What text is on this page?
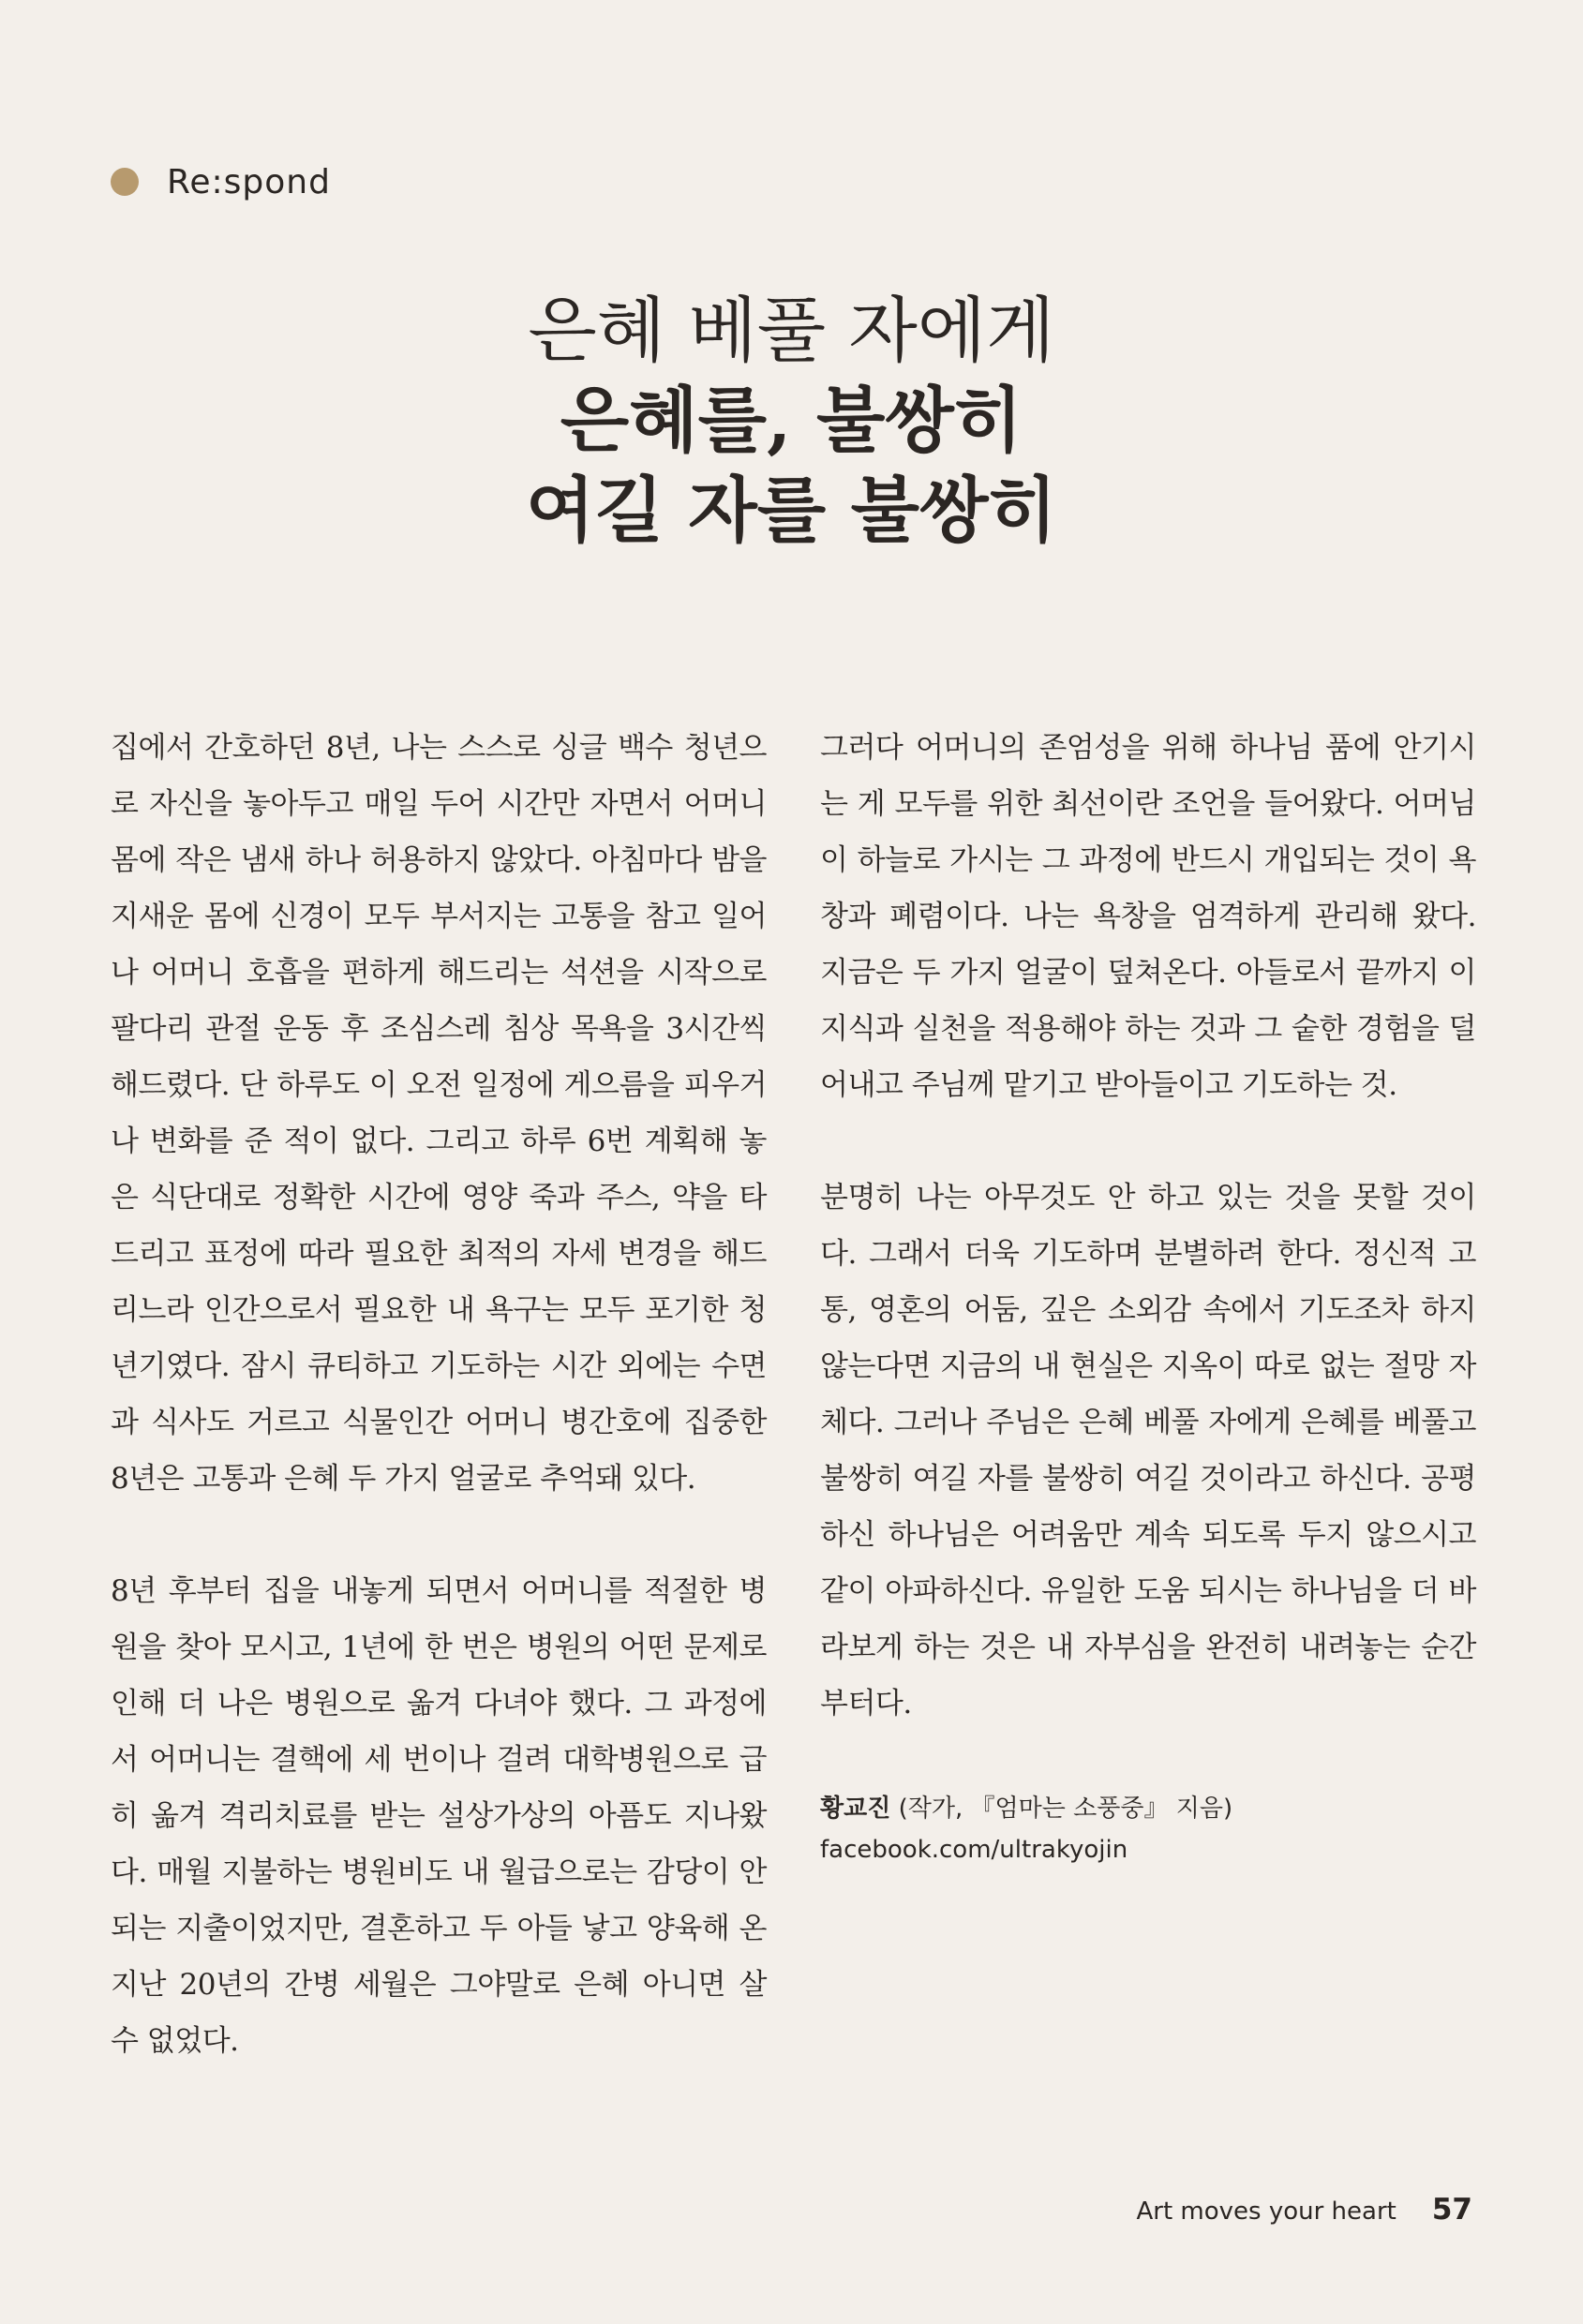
Re:spond
은혜 베풀 자에게
은혜를, 불쌍히
여길 자를 불쌍히

집에서 간호하던 8년, 나는 스스로 싱글 백수 청년으로 자신을 놓아두고 매일 두어 시간만 자면서 어머니 몸에 작은 냄새 하나 허용하지 않았다. 아침마다 밤을 지새운 몸에 신경이 모두 부서지는 고통을 참고 일어나 어머니 호흡을 편하게 해드리는 석션을 시작으로 팔다리 관절 운동 후 조심스레 침상 목욕을 3시간씩 해드렸다. 단 하루도 이 오전 일정에 게으름을 피우거나 변화를 준 적이 없다. 그리고 하루 6번 계획해 놓은 식단대로 정확한 시간에 영양 죽과 주스, 약을 타드리고 표정에 따라 필요한 최적의 자세 변경을 해드리느라 인간으로서 필요한 내 욕구는 모두 포기한 청년기였다. 잠시 큐티하고 기도하는 시간 외에는 수면과 식사도 거르고 식물인간 어머니 병간호에 집중한 8년은 고통과 은혜 두 가지 얼굴로 추억돼 있다.

8년 후부터 집을 내놓게 되면서 어머니를 적절한 병원을 찾아 모시고, 1년에 한 번은 병원의 어떤 문제로 인해 더 나은 병원으로 옮겨 다녀야 했다. 그 과정에서 어머니는 결핵에 세 번이나 걸려 대학병원으로 급히 옮겨 격리치료를 받는 설상가상의 아픔도 지나왔다. 매월 지불하는 병원비도 내 월급으로는 감당이 안 되는 지출이었지만, 결혼하고 두 아들 낳고 양육해 온 지난 20년의 간병 세월은 그야말로 은혜 아니면 살 수 없었다.

그러다 어머니의 존엄성을 위해 하나님 품에 안기시는 게 모두를 위한 최선이란 조언을 들어왔다. 어머님이 하늘로 가시는 그 과정에 반드시 개입되는 것이 욕창과 폐렴이다. 나는 욕창을 엄격하게 관리해 왔다. 지금은 두 가지 얼굴이 덮쳐온다. 아들로서 끝까지 이 지식과 실천을 적용해야 하는 것과 그 숱한 경험을 덜어내고 주님께 맡기고 받아들이고 기도하는 것.

분명히 나는 아무것도 안 하고 있는 것을 못할 것이다. 그래서 더욱 기도하며 분별하려 한다. 정신적 고통, 영혼의 어둠, 깊은 소외감 속에서 기도조차 하지 않는다면 지금의 내 현실은 지옥이 따로 없는 절망 자체다. 그러나 주님은 은혜 베풀 자에게 은혜를 베풀고 불쌍히 여길 자를 불쌍히 여길 것이라고 하신다. 공평하신 하나님은 어려움만 계속 되도록 두지 않으시고 같이 아파하신다. 유일한 도움 되시는 하나님을 더 바라보게 하는 것은 내 자부심을 완전히 내려놓는 순간부터다.

황교진 (작가, 『엄마는 소풍중』 지음)
facebook.com/ultrakyojin
Art moves your heart 57
